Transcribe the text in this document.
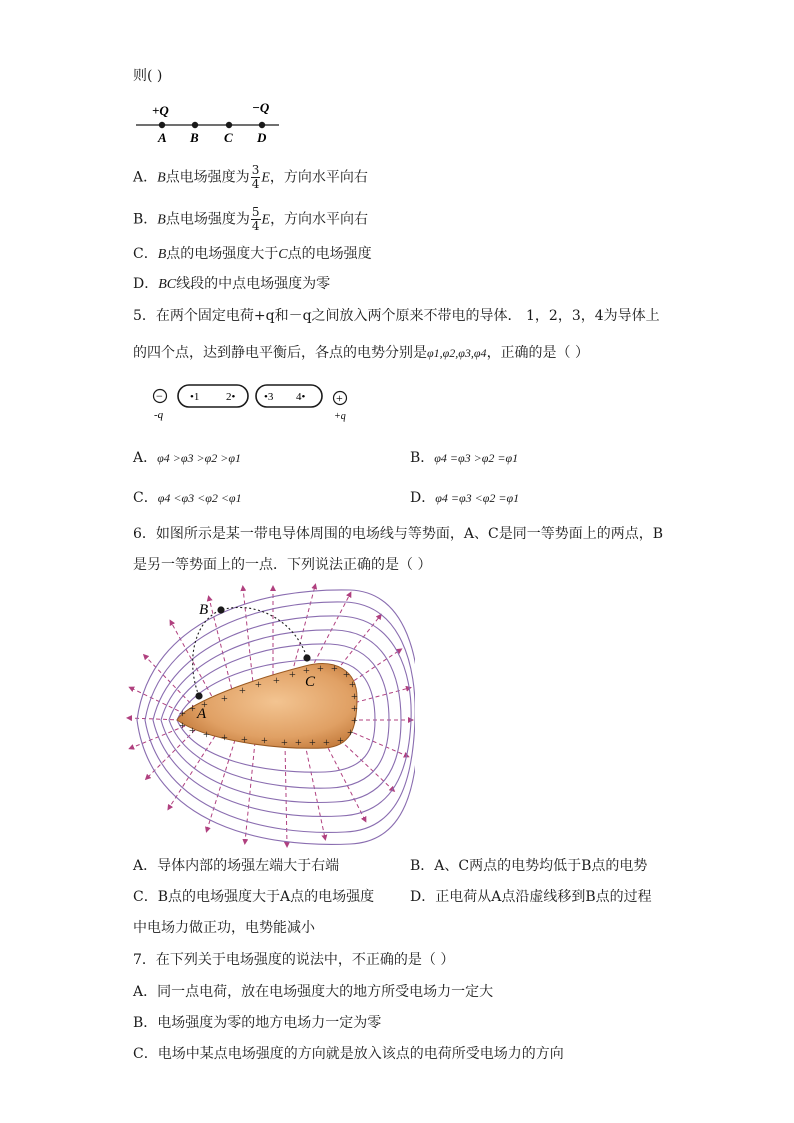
则( )
+Q	−Q
A B C D
A．B点电场强度为 $\frac{3}{4}$ E，方向水平向右
B．B点电场强度为 $\frac{5}{4}$ E，方向水平向右
C．B点的电场强度大于C点的电场强度
D．BC线段的中点电场强度为零
5．在两个固定电荷+q和－q之间放入两个原来不带电的导体． 1，2，3，4为导体上
的四个点，达到静电平衡后，各点的电势分别是φ1,φ2,φ3,φ4，正确的是（ ）
−
-q
•1 2•	•3 4•	+
+q
A．φ4 >φ3 >φ2 >φ1	B．φ4 =φ3 >φ2 =φ1
C．φ4 <φ3 <φ2 <φ1	D．φ4 =φ3 <φ2 =φ1
6．如图所示是某一带电导体周围的电场线与等势面，A、C是同一等势面上的两点，B
是另一等势面上的一点．下列说法正确的是（ ）
+
+
+
+
+
+
+
+
+
+
+
+
+
+
+
+
+
+
+
+
+
+
+
+
+
+
+
+
A
B
C
A．导体内部的场强左端大于右端	B．A、C两点的电势均低于B点的电势
C．B点的电场强度大于A点的电场强度	D．正电荷从A点沿虚线移到B点的过程
中电场力做正功，电势能减小
7．在下列关于电场强度的说法中，不正确的是（ ）
A．同一点电荷，放在电场强度大的地方所受电场力一定大
B．电场强度为零的地方电场力一定为零
C．电场中某点电场强度的方向就是放入该点的电荷所受电场力的方向
